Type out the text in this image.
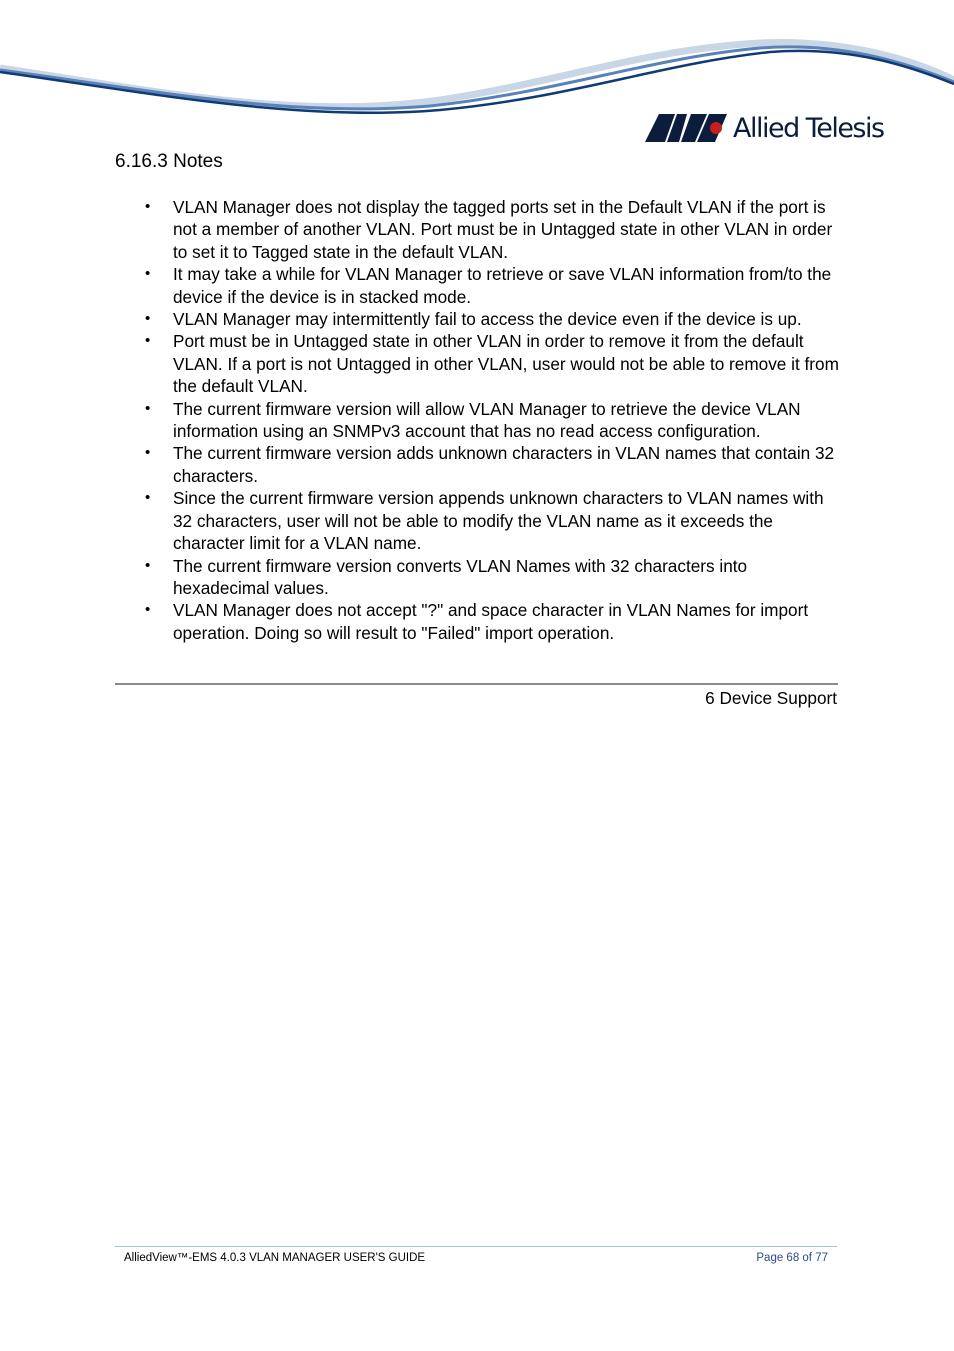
Allied Telesis
6.16.3 Notes
• VLAN Manager does not display the tagged ports set in the Default VLAN if the port is not a member of another VLAN. Port must be in Untagged state in other VLAN in order to set it to Tagged state in the default VLAN.
• It may take a while for VLAN Manager to retrieve or save VLAN information from/to the device if the device is in stacked mode.
• VLAN Manager may intermittently fail to access the device even if the device is up.
• Port must be in Untagged state in other VLAN in order to remove it from the default VLAN. If a port is not Untagged in other VLAN, user would not be able to remove it from the default VLAN.
• The current firmware version will allow VLAN Manager to retrieve the device VLAN information using an SNMPv3 account that has no read access configuration.
• The current firmware version adds unknown characters in VLAN names that contain 32 characters.
• Since the current firmware version appends unknown characters to VLAN names with 32 characters, user will not be able to modify the VLAN name as it exceeds the character limit for a VLAN name.
• The current firmware version converts VLAN Names with 32 characters into hexadecimal values.
• VLAN Manager does not accept "?" and space character in VLAN Names for import operation. Doing so will result to "Failed" import operation.
6 Device Support
AlliedView™-EMS 4.0.3 VLAN MANAGER USER'S GUIDE	Page 68 of 77
